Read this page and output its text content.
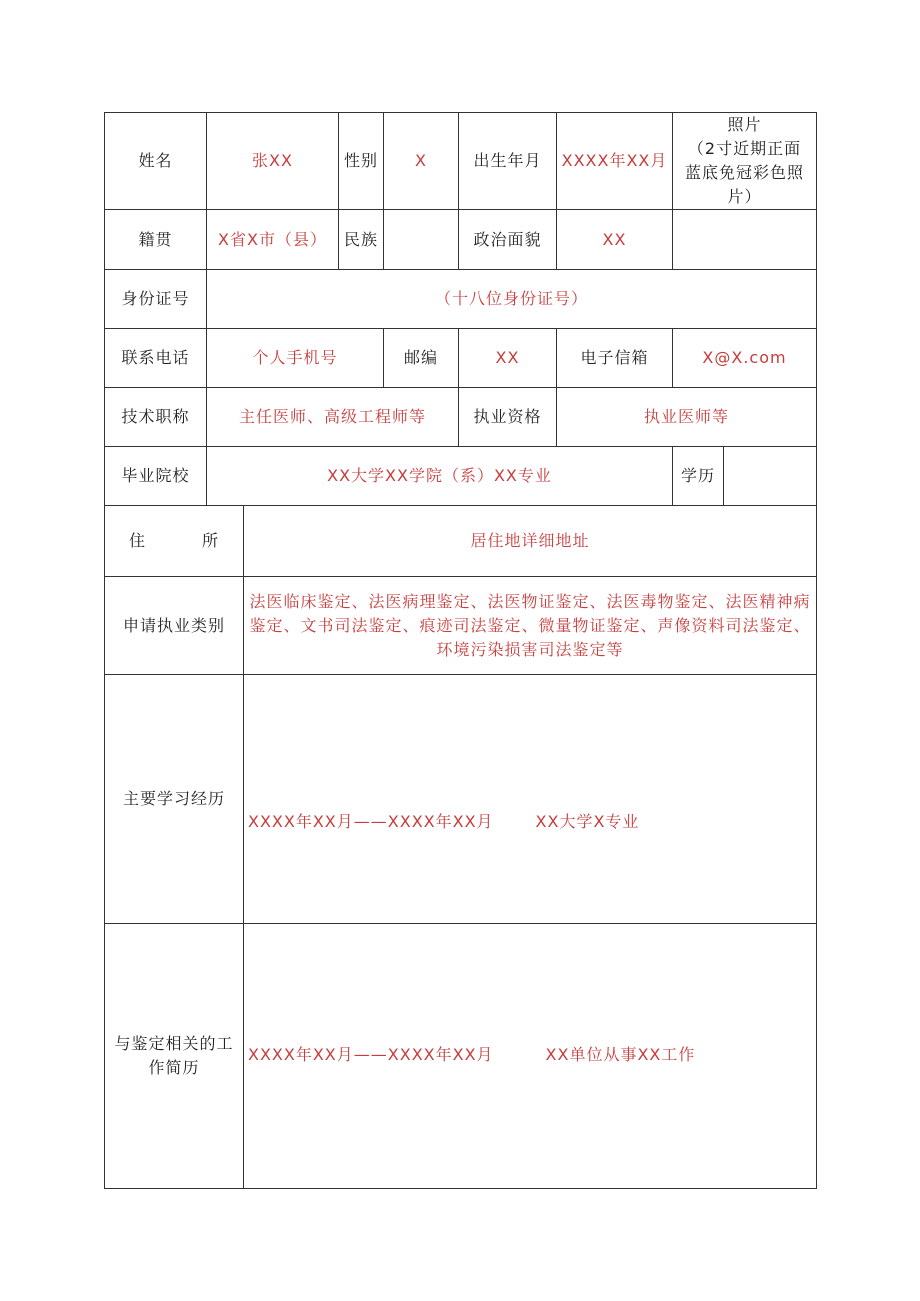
姓名	张XX		性别	X	出生年月	XXXX年XX月	照片
（2寸近期正面
蓝底免冠彩色照
片）	

籍贯	X省X市（县）		民族		政治面貌	XX		
身份证号	（十八位身份证号）							
联系电话	个人手机号			邮编	XX	电子信箱	X@X.com	
技术职称	主任医师、高级工程师等				执业资格	执业医师等		
毕业院校	XX大学XX学院（系）XX专业						学历	

住 所		居住地详细地址						
申请执业类别		法医临床鉴定、法医病理鉴定、法医物证鉴定、法医毒物鉴定、法医精神病鉴定、文书司法鉴定、痕迹司法鉴定、微量物证鉴定、声像资料司法鉴定、环境污染损害司法鉴定等						
主要学习经历		XXXX年XX月——XXXX年XX月 XX大学X专业						

与鉴定相关的工作简历		XXXX年XX月——XXXX年XX月 XX单位从事XX工作						
